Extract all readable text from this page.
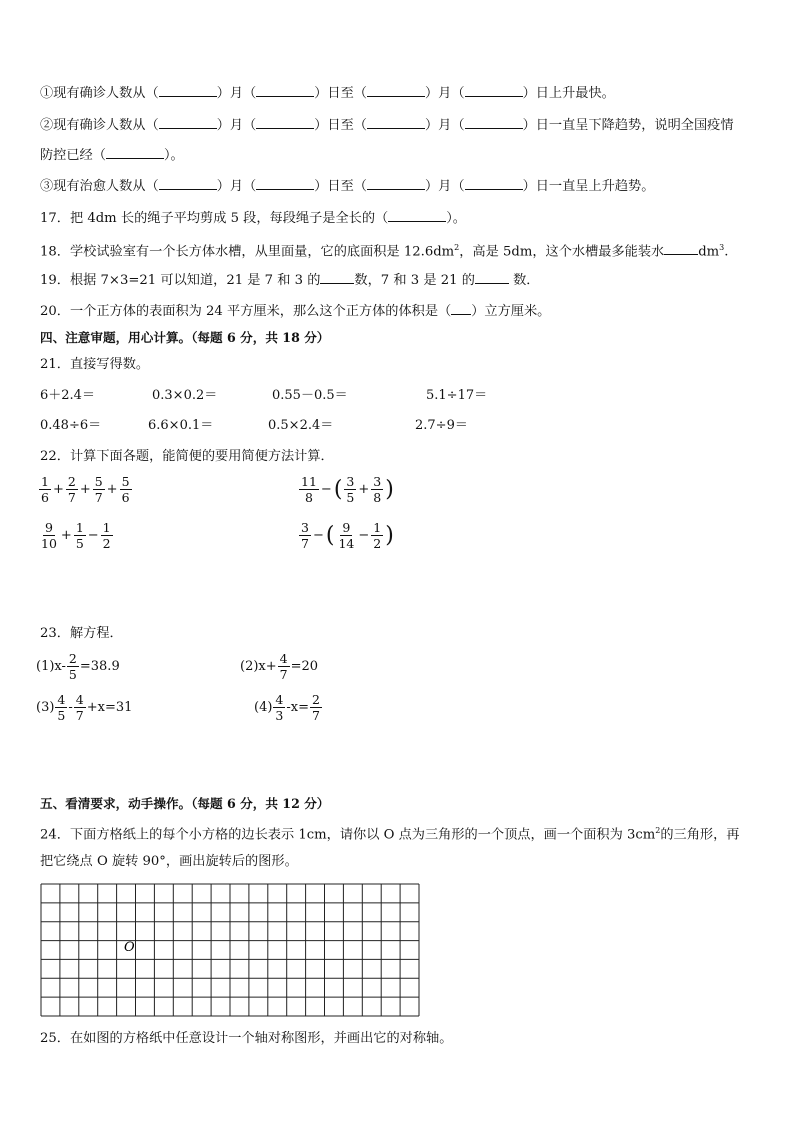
①现有确诊人数从（	）月（	）日至（	）月（	）日上升最快。
②现有确诊人数从（	）月（	）日至（	）月（	）日一直呈下降趋势，说明全国疫情
防控已经（	）。
③现有治愈人数从（	）月（	）日至（	）月（	）日一直呈上升趋势。
17．把 4dm 长的绳子平均剪成 5 段，每段绳子是全长的（	）。
18．学校试验室有一个长方体水槽，从里面量，它的底面积是 $12.6dm^2$，高是 5dm，这个水槽最多能装水	$dm^3$.
19．根据 7×3=21 可以知道，21 是 7 和 3 的	数，7 和 3 是 21 的	数．
20．一个正方体的表面积为 24 平方厘米，那么这个正方体的体积是（ ）立方厘米。
四、注意审题，用心计算。（每题 6 分，共 18 分）
21．直接写得数。
6＋2.4＝	0.3×0.2＝	0.55－0.5＝	5.1÷17＝
0.48÷6＝	6.6×0.1＝	0.5×2.4＝	2.7÷9＝
22．计算下面各题，能简便的要用简便方法计算．
$\frac{1}{6} + \frac{2}{7} + \frac{5}{7} + \frac{5}{6}$	$\frac{11}{8}$ − ( $\frac{3}{5} + \frac{3}{8}$ )
$\frac{9}{10} + \frac{1}{5} - \frac{1}{2}$	$\frac{3}{7}$ − ( $\frac{9}{14} - \frac{1}{2}$ )
23．解方程．
$(1)x- \frac{2}{5} =38.9$	$(2)x+ \frac{4}{7} =20$
$(3) \frac{4}{5} - \frac{4}{7} +x=31$	$(4) \frac{4}{3} -x= \frac{2}{7}$
五、看清要求，动手操作。（每题 6 分，共 12 分）
24．下面方格纸上的每个小方格的边长表示 1cm，请你以 O 点为三角形的一个顶点，画一个面积为 $3cm^2$的三角形，再
把它绕点 O 旋转 90°，画出旋转后的图形。
O
25．在如图的方格纸中任意设计一个轴对称图形，并画出它的对称轴。
